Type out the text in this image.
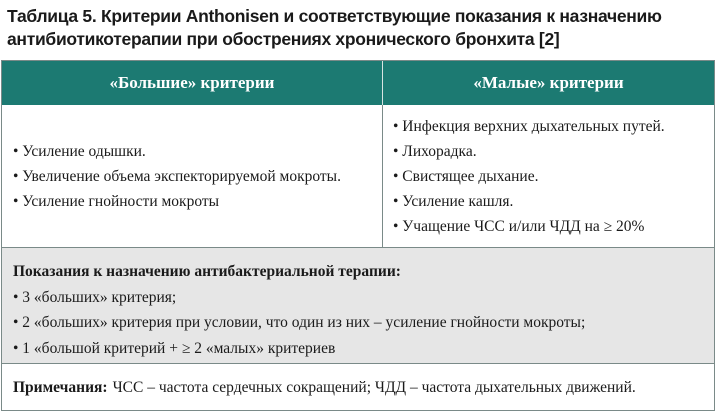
Таблица 5. Критерии Anthonisen и соответствующие показания к назначению
антибиотикотерапии при обострениях хронического бронхита [2]
«Большие» критерии	«Малые» критерии
• Усиление одышки.
• Увеличение объема экспекторируемой мокроты.
• Усиление гнойности мокроты
• Инфекция верхних дыхательных путей.
• Лихорадка.
• Свистящее дыхание.
• Усиление кашля.
• Учащение ЧСС и/или ЧДД на ≥ 20%
Показания к назначению антибактериальной терапии:
• 3 «больших» критерия;
• 2 «больших» критерия при условии, что один из них – усиление гнойности мокроты;
• 1 «большой критерий + ≥ 2 «малых» критериев
Примечания: ЧСС – частота сердечных сокращений; ЧДД – частота дыхательных движений.
